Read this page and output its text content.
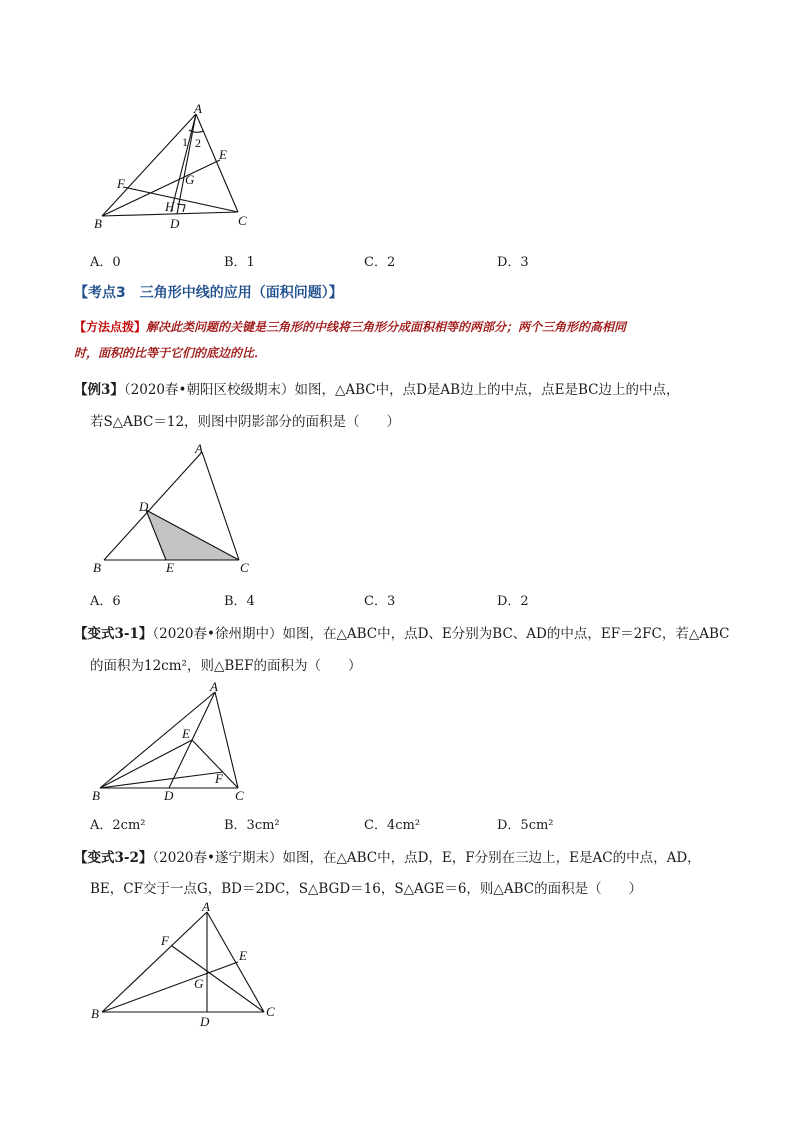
A
1 2
E
F	G
H
B	D	C
A．0	B．1	C．2	D．3
【考点3　三角形中线的应用（面积问题）】
【方法点拨】解决此类问题的关键是三角形的中线将三角形分成面积相等的两部分；两个三角形的高相同
时，面积的比等于它们的底边的比．
【例3】（2020春•朝阳区校级期末）如图，△ABC中，点D是AB边上的中点，点E是BC边上的中点，
若S△ABC＝12，则图中阴影部分的面积是（　　）
A
D
B	E	C
A．6	B．4	C．3	D．2
【变式3-1】（2020春•徐州期中）如图，在△ABC中，点D、E分别为BC、AD的中点，EF＝2FC，若△ABC
的面积为12cm²，则△BEF的面积为（　　）
A
E
F
B	D	C
A．2cm²	B．3cm²	C．4cm²	D．5cm²
【变式3-2】（2020春•遂宁期末）如图，在△ABC中，点D，E，F分别在三边上，E是AC的中点，AD，
BE，CF交于一点G，BD＝2DC，S△BGD＝16，S△AGE＝6，则△ABC的面积是（　　）
A
F
E
G
B
D
C
